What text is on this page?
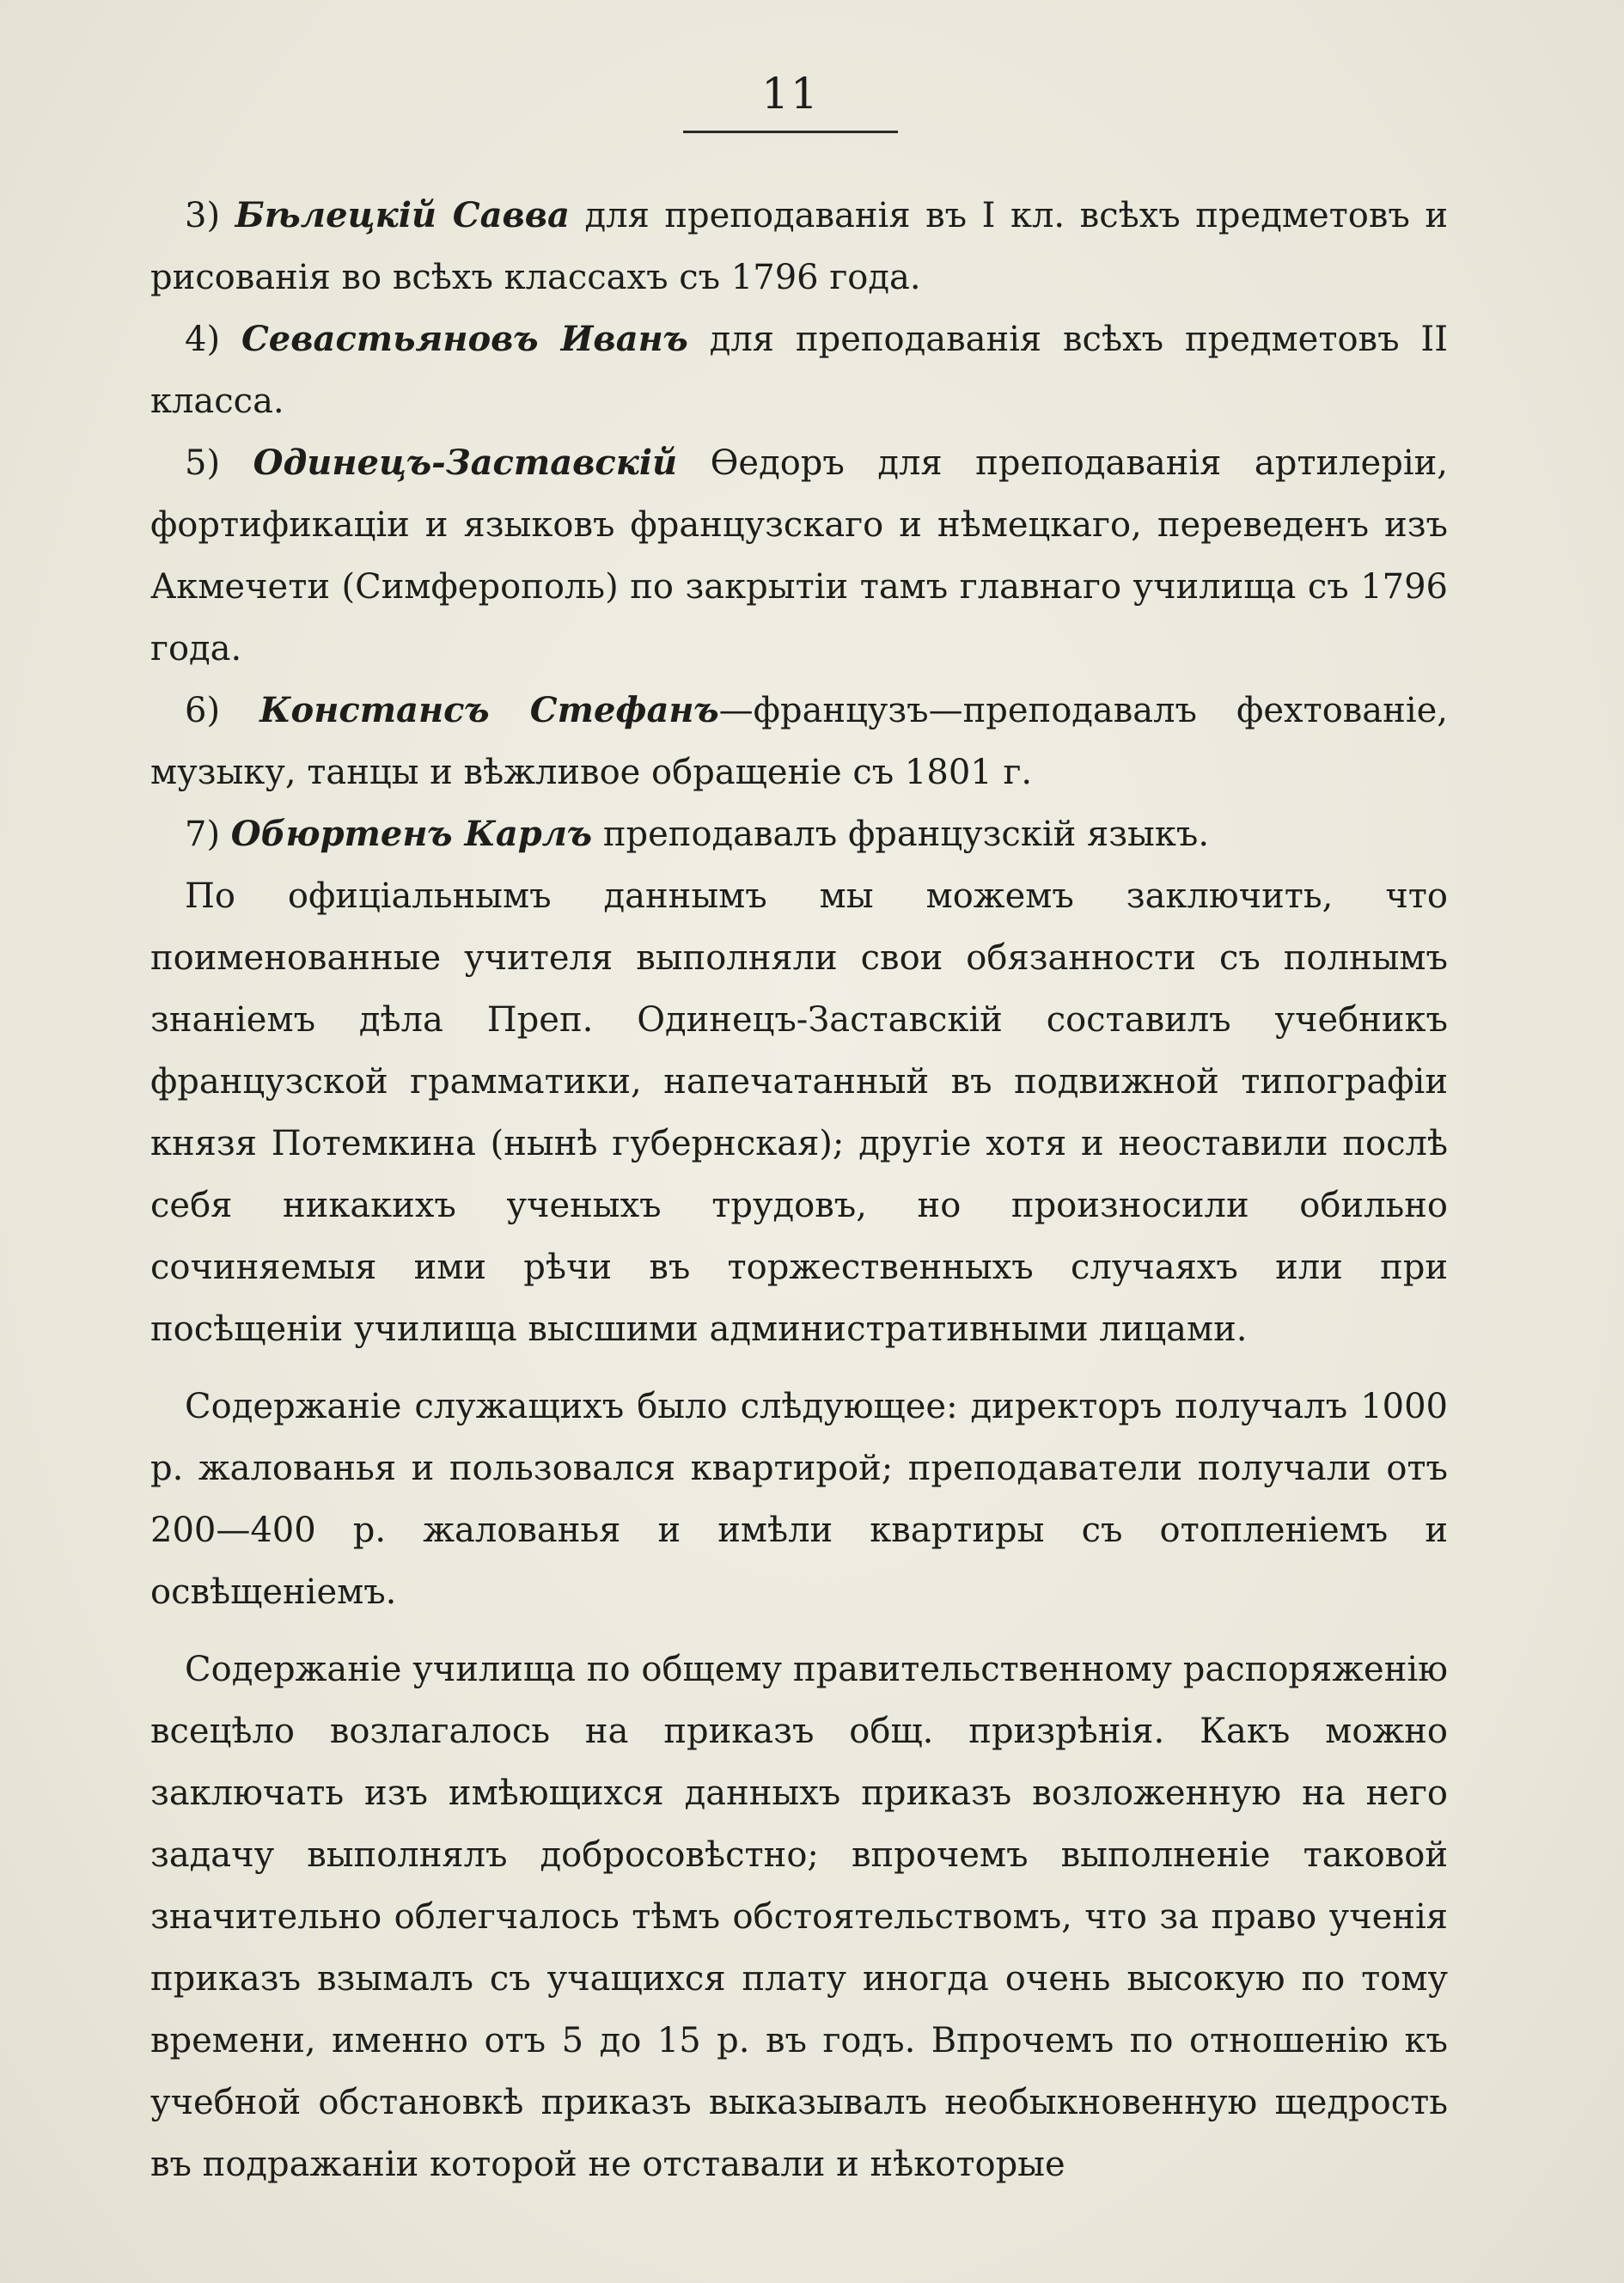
11

3) Бѣлецкій Савва для преподаванія въ I кл. всѣхъ предметовъ и рисованія во всѣхъ классахъ съ 1796 года.

4) Севастьяновъ Иванъ для преподаванія всѣхъ предметовъ II класса.

5) Одинецъ-Заставскій Ѳедоръ для преподаванія артилеріи, фортификаціи и языковъ французскаго и нѣмецкаго, переведенъ изъ Акмечети (Симферополь) по закрытіи тамъ главнаго училища съ 1796 года.

6) Констансъ Стефанъ—французъ—преподавалъ фехтованіе, музыку, танцы и вѣжливое обращеніе съ 1801 г.

7) Обюртенъ Карлъ преподавалъ французскій языкъ.

По офиціальнымъ даннымъ мы можемъ заключить, что поименованные учителя выполняли свои обязанности съ полнымъ знаніемъ дѣла Преп. Одинецъ-Заставскій составилъ учебникъ французской грамматики, напечатанный въ подвижной типографіи князя Потемкина (нынѣ губернская); другіе хотя и неоставили послѣ себя никакихъ ученыхъ трудовъ, но произносили обильно сочиняемыя ими рѣчи въ торжественныхъ случаяхъ или при посѣщеніи училища высшими административными лицами.

Содержаніе служащихъ было слѣдующее: директоръ получалъ 1000 р. жалованья и пользовался квартирой; преподаватели получали отъ 200—400 р. жалованья и имѣли квартиры съ отопленіемъ и освѣщеніемъ.

Содержаніе училища по общему правительственному распоряженію всецѣло возлагалось на приказъ общ. призрѣнія. Какъ можно заключать изъ имѣющихся данныхъ приказъ возложенную на него задачу выполнялъ добросовѣстно; впрочемъ выполненіе таковой значительно облегчалось тѣмъ обстоятельствомъ, что за право ученія приказъ взымалъ съ учащихся плату иногда очень высокую по тому времени, именно отъ 5 до 15 р. въ годъ. Впрочемъ по отношенію къ учебной обстановкѣ приказъ выказывалъ необыкновенную щедрость въ подражаніи которой не отставали и нѣкоторые
